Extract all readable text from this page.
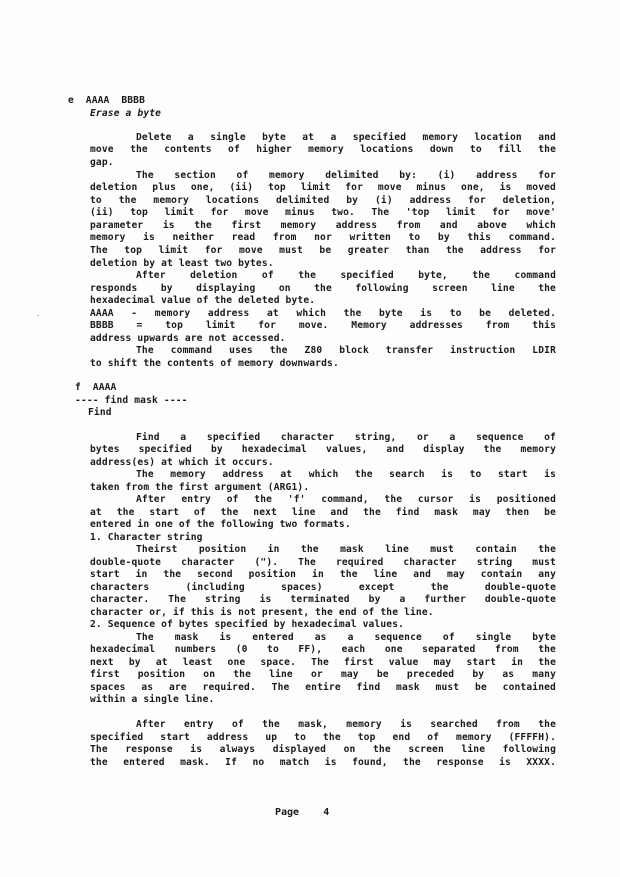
e  AAAA  BBBB
Erase a byte
Delete a single byte at a specified memory location and
move the contents of higher memory locations down to fill the
gap.
The section of memory delimited by: (i) address for
deletion plus one, (ii) top limit for move minus one, is moved
to the memory locations delimited by (i) address for deletion,
(ii) top limit for move minus two. The 'top limit for move'
parameter is the first memory address from and above which
memory is neither read from nor written to by this command.
The top limit for move must be greater than the address for
deletion by at least two bytes.
After deletion of the specified byte, the command
responds by displaying on the following screen line the
hexadecimal value of the deleted byte.
AAAA - memory address at which the byte is to be deleted.
BBBB = top limit for move. Memory addresses from this
address upwards are not accessed.
The command uses the Z80 block transfer instruction LDIR
to shift the contents of memory downwards.
f  AAAA
---- find mask ----
Find
Find a specified character string, or a sequence of
bytes specified by hexadecimal values, and display the memory
address(es) at which it occurs.
The memory address at which the search is to start is
taken from the first argument (ARG1).
After entry of the 'f' command, the cursor is positioned
at the start of the next line and the find mask may then be
entered in one of the following two formats.
1. Character string
Theirst position in the mask line must contain the
double-quote character ("). The required character string must
start in the second position in the line and may contain any
characters (including spaces) except the double-quote
character. The string is terminated by a further double-quote
character or, if this is not present, the end of the line.
2. Sequence of bytes specified by hexadecimal values.
The mask is entered as a sequence of single byte
hexadecimal numbers (0 to FF), each one separated from the
next by at least one space. The first value may start in the
first position on the line or may be preceded by as many
spaces as are required. The entire find mask must be contained
within a single line.
After entry of the mask, memory is searched from the
specified start address up to the top end of memory (FFFFH).
The response is always displayed on the screen line following
the entered mask. If no match is found, the response is XXXX.
Page 4
